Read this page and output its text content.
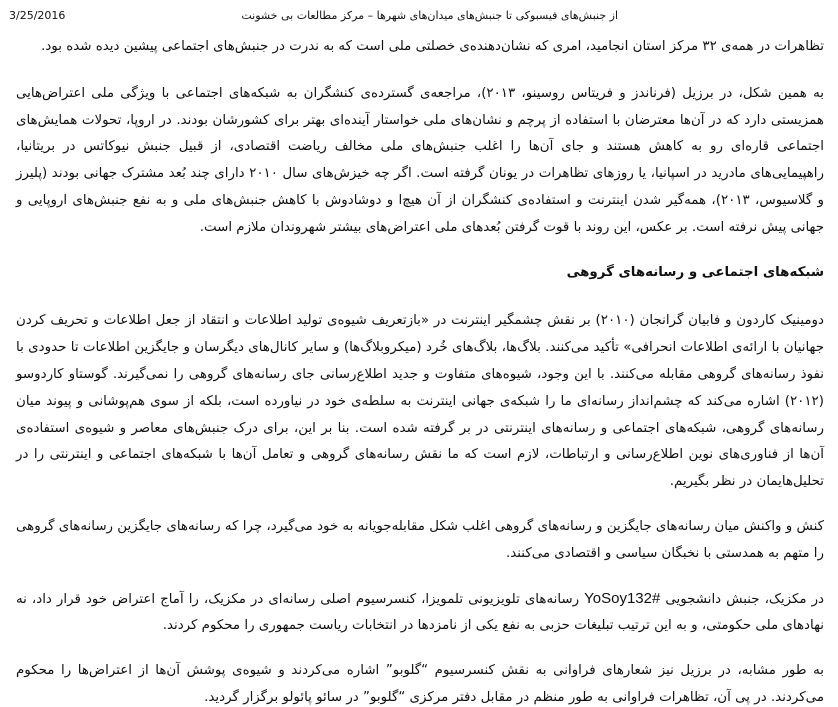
3/25/2016	از جنبش‌های فیسبوکی تا جنبش‌های میدان‌های شهرها – مرکز مطالعات بی خشونت

تظاهرات در همه‌ی ۳۲ مرکز استان انجامید، امری که نشان‌دهنده‌ی خصلتی ملی است که به ندرت در جنبش‌های اجتماعی پیشین دیده شده بود.

به همین شکل، در برزیل (فرناندز و فریتاس روسینو، ۲۰۱۳)، مراجعه‌ی گسترده‌ی کنشگران به شبکه‌های اجتماعی با ویژگی ملی اعتراض‌هایی همزیستی دارد که در آن‌ها معترضان با استفاده از پرچم و نشان‌های ملی خواستار آینده‌ای بهتر برای کشورشان بودند. در اروپا، تحولات همایش‌های اجتماعی قاره‌ای رو به کاهش هستند و جای آن‌ها را اغلب جنبش‌های ملی مخالف ریاضت اقتصادی، از قبیل جنبش نیوکاتس در بریتانیا، راهپیمایی‌های مادرید در اسپانیا، یا روزهای تظاهرات در یونان گرفته است. اگر چه خیزش‌های سال ۲۰۱۰ دارای چند بُعد مشترک جهانی بودند (پلیرز و گلاسیوس، ۲۰۱۳)، همه‌گیر شدن اینترنت و استفاده‌ی کنشگران از آن هیچ‌ا و دوشادوش با کاهش جنبش‌های ملی و به نفع جنبش‌های اروپایی و جهانی پیش نرفته است. بر عکس، این روند با قوت گرفتن بُعدهای ملی اعتراض‌های بیشتر شهروندان ملازم است.

شبکه‌های اجتماعی و رسانه‌های گروهی

دومینیک کاردون و فابیان گرانجان (۲۰۱۰) بر نقش چشمگیر اینترنت در «بازتعریف شیوه‌ی تولید اطلاعات و انتقاد از جعل اطلاعات و تحریف کردن جهانیان با ارائه‌ی اطلاعات انحرافی» تأکید می‌کنند. بلاگ‌ها، بلاگ‌های خُرد (میکروبلاگ‌ها) و سایر کانال‌های دیگرسان و جایگزین اطلاعات تا حدودی با نفوذ رسانه‌های گروهی مقابله می‌کنند. با این وجود، شیوه‌های متفاوت و جدید اطلاع‌رسانی جای رسانه‌های گروهی را نمی‌گیرند. گوستاو کاردوسو (۲۰۱۲) اشاره می‌کند که چشم‌انداز رسانه‌ای ما را شبکه‌ی جهانی اینترنت به سلطه‌ی خود در نیاورده است، بلکه از سوی هم‌پوشانی و پیوند میان رسانه‌های گروهی، شبکه‌های اجتماعی و رسانه‌های اینترنتی در بر گرفته شده است. بنا بر این، برای درک جنبش‌های معاصر و شیوه‌ی استفاده‌ی آن‌ها از فناوری‌های نوین اطلاع‌رسانی و ارتباطات، لازم است که ما نقش رسانه‌های گروهی و تعامل آن‌ها با شبکه‌های اجتماعی و اینترنتی را در تحلیل‌هایمان در نظر بگیریم.

کنش و واکنش میان رسانه‌های جایگزین و رسانه‌های گروهی اغلب شکل مقابله‌جویانه به خود می‌گیرد، چرا که رسانه‌های جایگزین رسانه‌های گروهی را متهم به همدستی با نخبگان سیاسی و اقتصادی می‌کنند.

در مکزیک، جنبش دانشجویی YoSoy132# رسانه‌های تلویزیونی تلمویزا، کنسرسیوم اصلی رسانه‌ای در مکزیک، را آماج اعتراض خود قرار داد، نه نهادهای ملی حکومتی، و به این ترتیب تبلیغات حزبی به نفع یکی از نامزدها در انتخابات ریاست جمهوری را محکوم کردند.

به طور مشابه، در برزیل نیز شعارهای فراوانی به نقش کنسرسیوم “گلوبو” اشاره می‌کردند و شیوه‌ی پوشش آن‌ها از اعتراض‌ها را محکوم می‌کردند. در پی آن، تظاهرات فراوانی به طور منظم در مقابل دفتر مرکزی “گلوبو” در سائو پائولو برگزار گردید.
